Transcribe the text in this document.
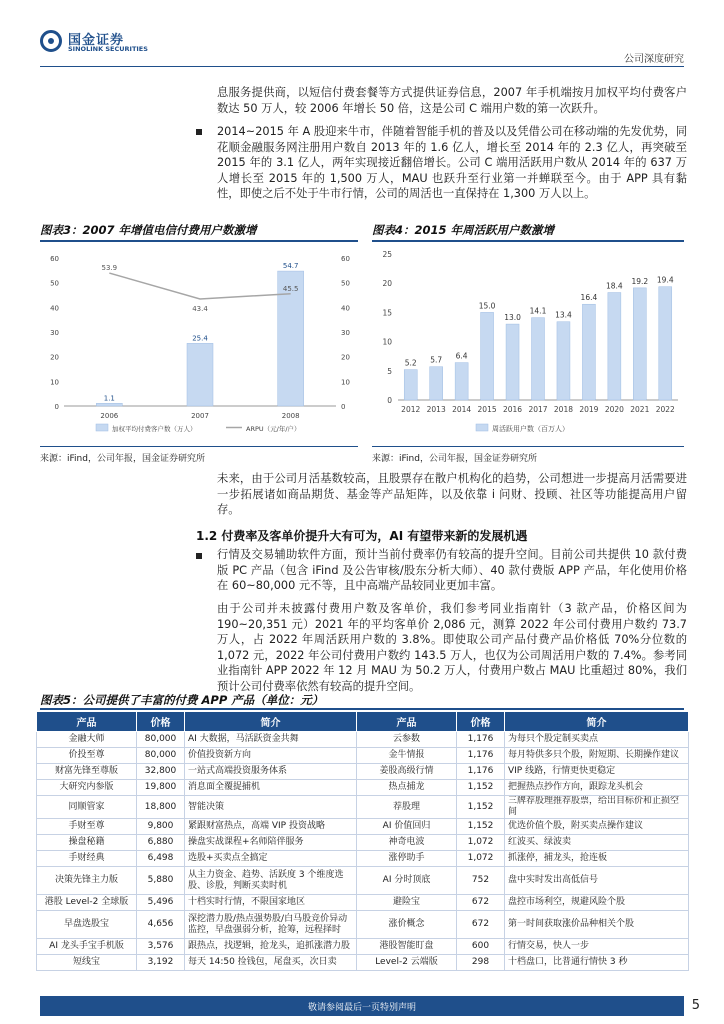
国金证券
SINOLINK SECURITIES
公司深度研究
息服务提供商，以短信付费套餐等方式提供证券信息，2007 年手机端按月加权平均付费客户数达 50 万人，较 2006 年增长 50 倍，这是公司 C 端用户数的第一次跃升。
2014~2015 年 A 股迎来牛市，伴随着智能手机的普及以及凭借公司在移动端的先发优势，同花顺金融服务网注册用户数自 2013 年的 1.6 亿人，增长至 2014 年的 2.3 亿人，再突破至 2015 年的 3.1 亿人，两年实现接近翻倍增长。公司 C 端用活跃用户数从 2014 年的 637 万人增长至 2015 年的 1,500 万人，MAU 也跃升至行业第一并蝉联至今。由于 APP 具有黏性，即使之后不处于牛市行情，公司的周活也一直保持在 1,300 万人以上。
图表3：2007 年增值电信付费用户数激增
0
10
20
30
40
50
60
0
10
20
30
40
50
60
1.1
2006
25.4
2007
54.7
2008
53.9
43.4
45.5
加权平均付费客户数（万人）	ARPU（元/年/户）
来源：iFind，公司年报，国金证券研究所
图表4：2015 年周活跃用户数激增
0
5
10
15
20
25
5.2
2012
5.7
2013
6.4
2014
15.0
2015
13.0
2016
14.1
2017
13.4
2018
16.4
2019
18.4
2020
19.2
2021
19.4
2022
周活跃用户数（百万人）
来源：iFind，公司年报，国金证券研究所
未来，由于公司月活基数较高，且股票存在散户机构化的趋势，公司想进一步提高月活需要进一步拓展诸如商品期货、基金等产品矩阵，以及依靠 i 问财、投顾、社区等功能提高用户留存。
1.2 付费率及客单价提升大有可为，AI 有望带来新的发展机遇
行情及交易辅助软件方面，预计当前付费率仍有较高的提升空间。目前公司共提供 10 款付费版 PC 产品（包含 iFind 及公告审核/股东分析大师）、40 款付费版 APP 产品，年化使用价格在 60~80,000 元不等，且中高端产品较同业更加丰富。
由于公司并未披露付费用户数及客单价，我们参考同业指南针（3 款产品，价格区间为 190~20,351 元）2021 年的平均客单价 2,086 元，测算 2022 年公司付费用户数约 73.7 万人，占 2022 年周活跃用户数的 3.8%。即使取公司产品付费产品价格低 70%分位数的 1,072 元，2022 年公司付费用户数约 143.5 万人，也仅为公司周活用户数的 7.4%。参考同业指南针 APP 2022 年 12 月 MAU 为 50.2 万人，付费用户数占 MAU 比重超过 80%，我们预计公司付费率依然有较高的提升空间。
图表5：公司提供了丰富的付费 APP 产品（单位：元）
产品	价格	简介	产品	价格	简介
金融大师	80,000	AI 大数据，马活跃资金共舞	云参数	1,176	为每只个股定制买卖点
价投至尊	80,000	价值投资新方向	金牛情报	1,176	每月特供多只个股，附短期、长期操作建议
财富先锋至尊版	32,800	一站式高端投资服务体系	姜股高级行情	1,176	VIP 线路，行情更快更稳定
大研究内参版	19,800	消息面全覆捉捕机	热点捕龙	1,152	把握热点抄作方向，跟踪龙头机会
同顺管家	18,800	智能决策	荐股理	1,152	三牌荐股理推荐股票，给出目标价和止损空间
手财至尊	9,800	紧跟财富热点，高端 VIP 投资战略	AI 价值回归	1,152	优选价值个股，附买卖点操作建议
操盘秘籍	6,880	操盘实战课程+名师陪伴服务	神奇电波	1,072	红波买、绿波卖
手财经典	6,498	选股+买卖点全搞定	涨停助手	1,072	抓涨停，捕龙头，抢连板
决策先锋主力版	5,880	从主力资金、趋势、活跃度 3 个维度选股、诊股，判断买卖时机	AI 分时顶底	752	盘中实时发出高低信号
港股 Level-2 全球版	5,496	十档实时行情，不限国家地区	避险宝	672	盘控市场利空，规避风险个股
早盘选股宝	4,656	深挖潜力股/热点强势股/白马股竞价异动监控，早盘强弱分析，抢筹，远程择时	涨价概念	672	第一时间获取涨价品种相关个股
AI 龙头手宝手机版	3,576	跟热点，找逻辑，抢龙头，追抓涨潜力股	港股智能盯盘	600	行情交易，快人一步
短线宝	3,192	每天 14:50 捡钱包，尾盘买，次日卖	Level-2 云端版	298	十档盘口，比普通行情快 3 秒
敬请参阅最后一页特别声明	5
